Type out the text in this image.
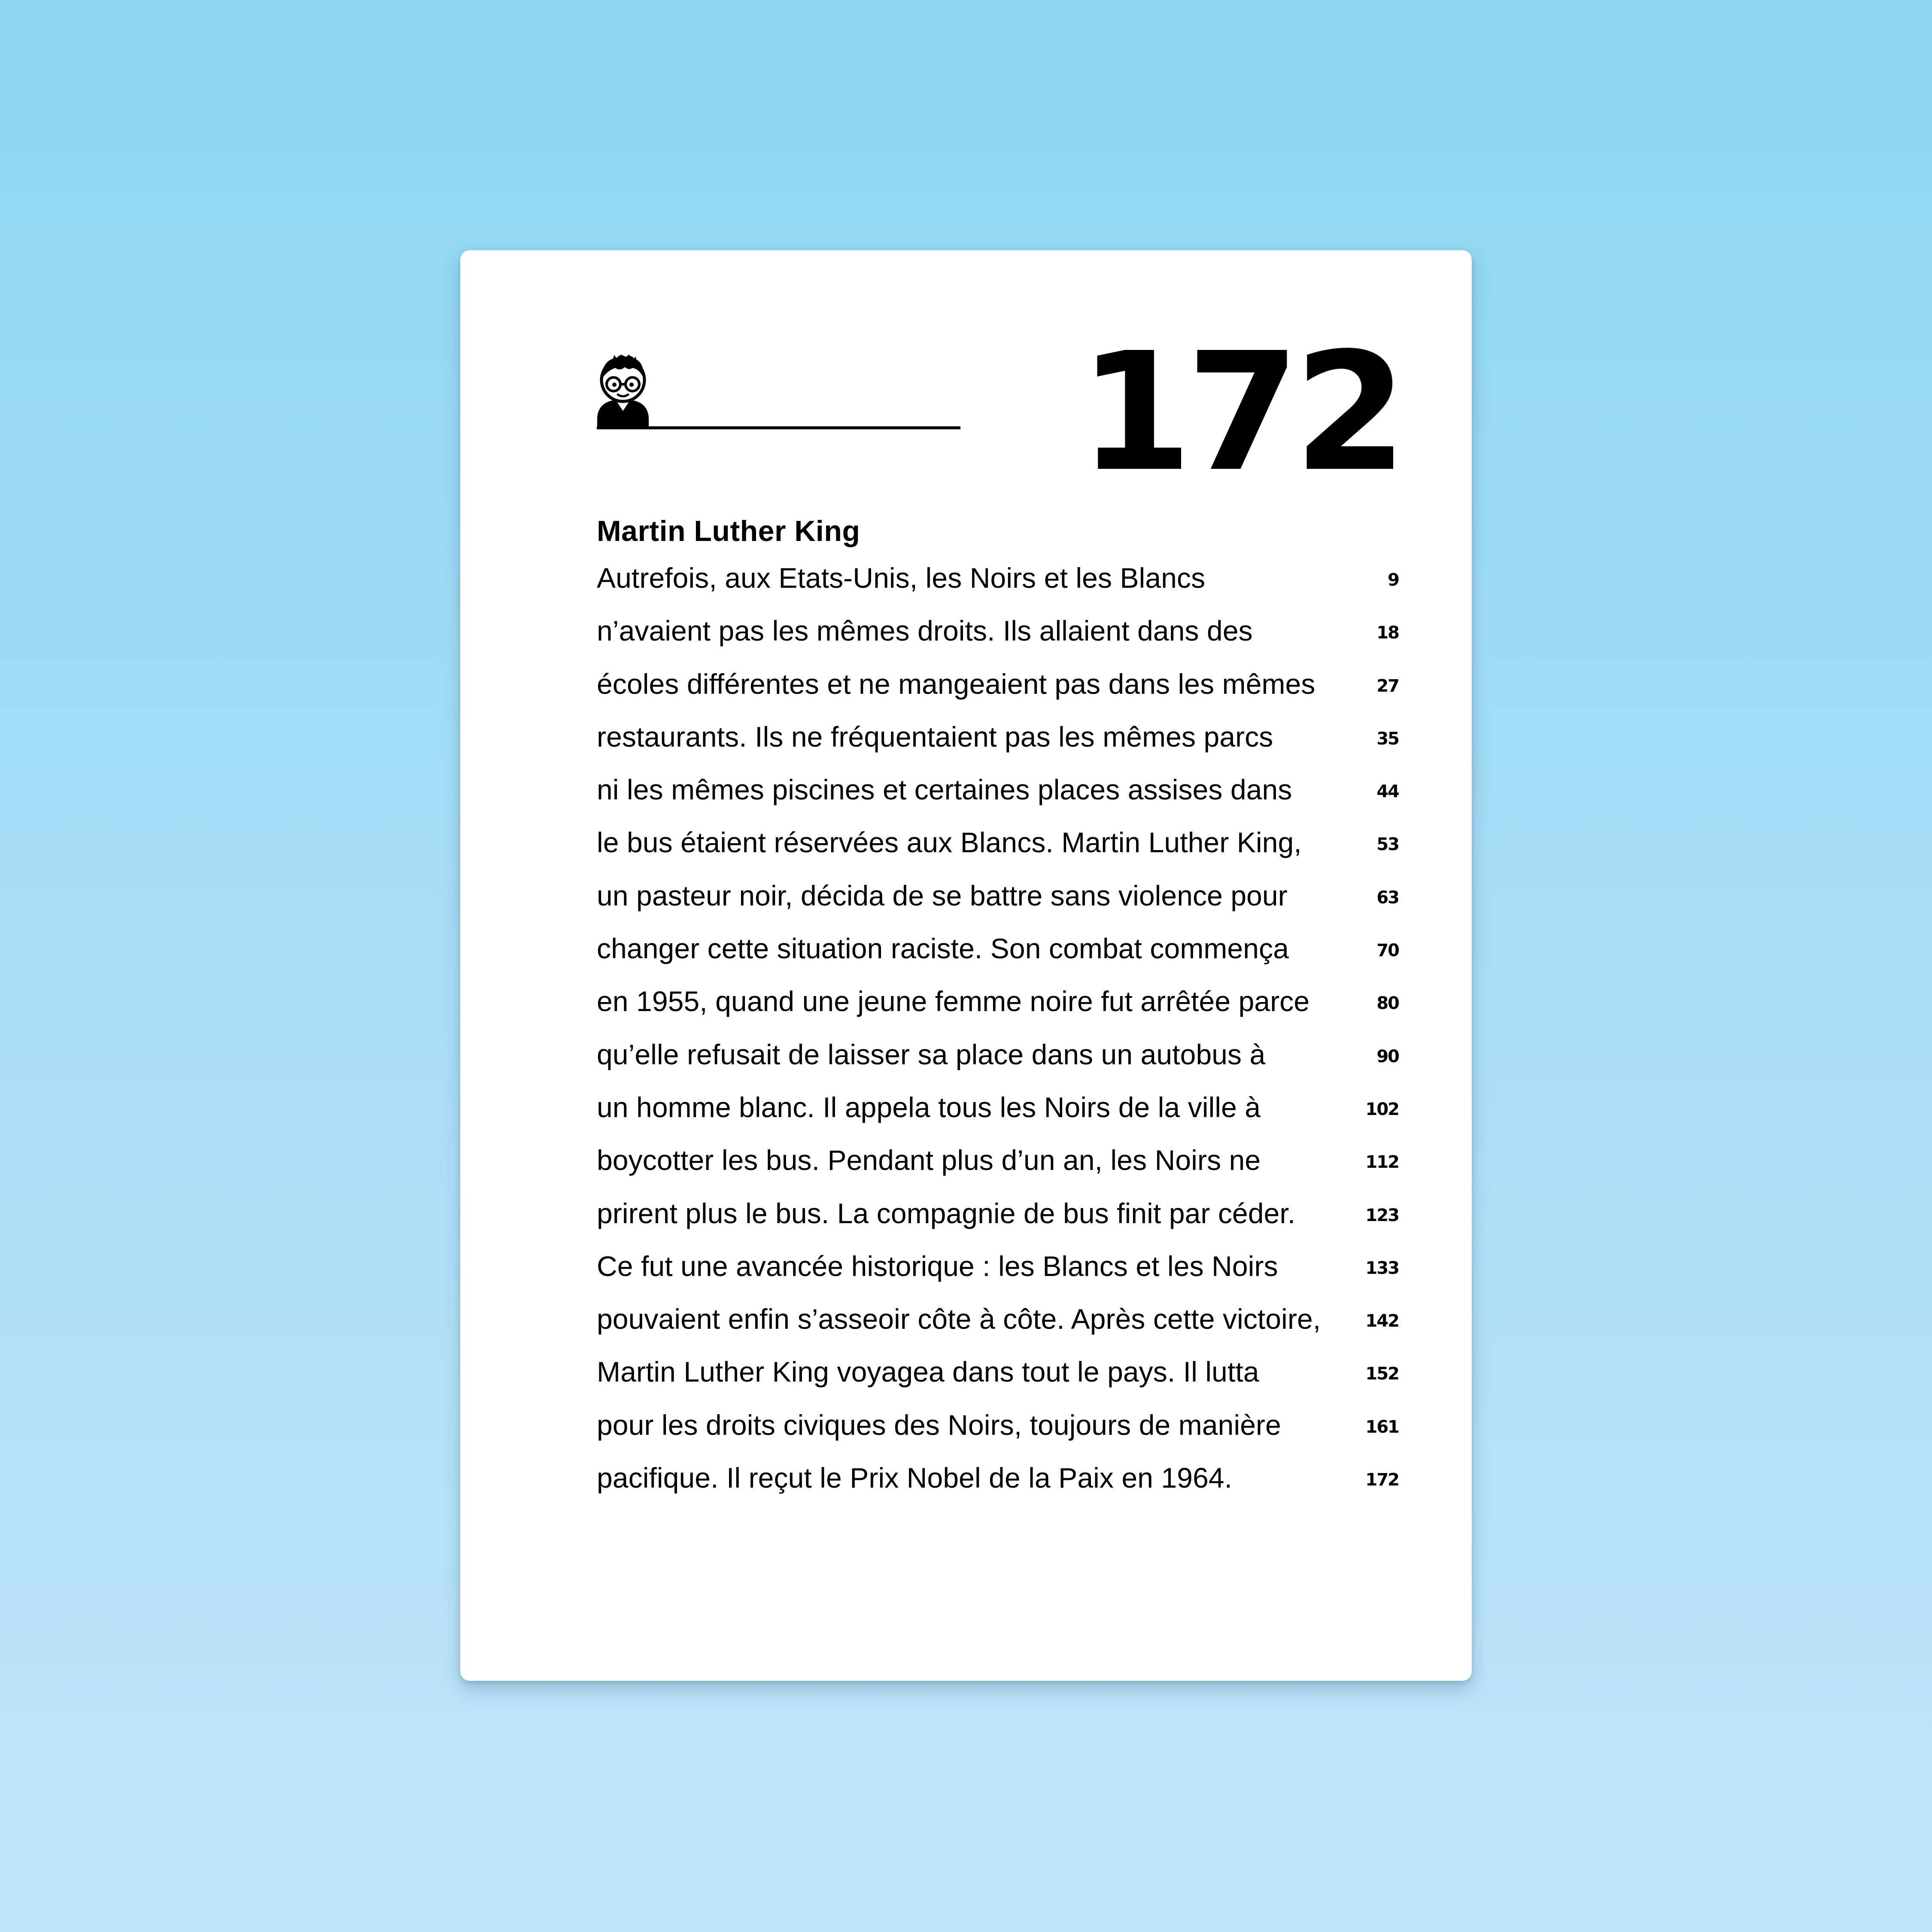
172
Martin Luther King
Autrefois, aux Etats-Unis, les Noirs et les Blancs	9
n’avaient pas les mêmes droits. Ils allaient dans des	18
écoles différentes et ne mangeaient pas dans les mêmes	27
restaurants. Ils ne fréquentaient pas les mêmes parcs	35
ni les mêmes piscines et certaines places assises dans	44
le bus étaient réservées aux Blancs. Martin Luther King,	53
un pasteur noir, décida de se battre sans violence pour	63
changer cette situation raciste. Son combat commença	70
en 1955, quand une jeune femme noire fut arrêtée parce	80
qu’elle refusait de laisser sa place dans un autobus à	90
un homme blanc. Il appela tous les Noirs de la ville à	102
boycotter les bus. Pendant plus d’un an, les Noirs ne	112
prirent plus le bus. La compagnie de bus finit par céder.	123
Ce fut une avancée historique : les Blancs et les Noirs	133
pouvaient enfin s’asseoir côte à côte. Après cette victoire,	142
Martin Luther King voyagea dans tout le pays. Il lutta	152
pour les droits civiques des Noirs, toujours de manière	161
pacifique. Il reçut le Prix Nobel de la Paix en 1964.	172
